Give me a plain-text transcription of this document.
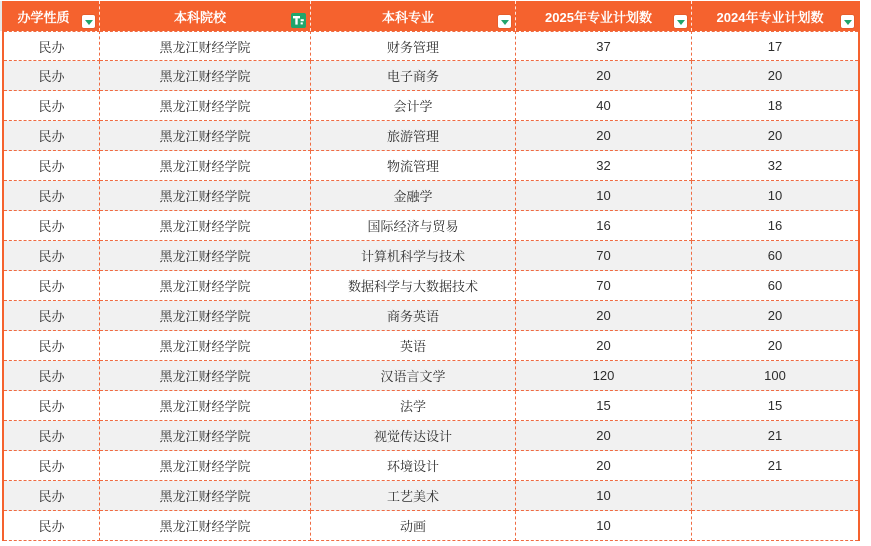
办学性质	本科院校	本科专业	2025年专业计划数	2024年专业计划数
民办	黑龙江财经学院	财务管理	37	17
民办	黑龙江财经学院	电子商务	20	20
民办	黑龙江财经学院	会计学	40	18
民办	黑龙江财经学院	旅游管理	20	20
民办	黑龙江财经学院	物流管理	32	32
民办	黑龙江财经学院	金融学	10	10
民办	黑龙江财经学院	国际经济与贸易	16	16
民办	黑龙江财经学院	计算机科学与技术	70	60
民办	黑龙江财经学院	数据科学与大数据技术	70	60
民办	黑龙江财经学院	商务英语	20	20
民办	黑龙江财经学院	英语	20	20
民办	黑龙江财经学院	汉语言文学	120	100
民办	黑龙江财经学院	法学	15	15
民办	黑龙江财经学院	视觉传达设计	20	21
民办	黑龙江财经学院	环境设计	20	21
民办	黑龙江财经学院	工艺美术	10
民办	黑龙江财经学院	动画	10
